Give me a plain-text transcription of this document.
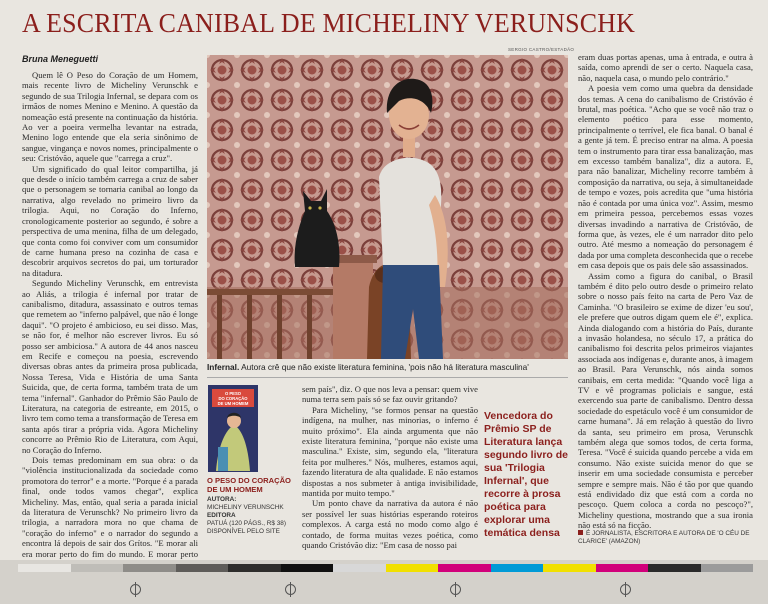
A ESCRITA CANIBAL DE MICHELINY VERUNSCHK
Bruna Meneguetti
SERGIO CASTRO/ESTADÃO

Quem lê O Peso do Coração de um Homem, mais recente livro de Micheliny Verunschk e segundo de sua Trilogia Infernal, se depara com os irmãos de nomes Menino e Menino. A questão da nomeação está presente na continuação da história. Ao ver a poeira vermelha levantar na estrada, Menino logo entende que ela seria sinônimo de sangue, vingança e novos nomes, principalmente o seu: Cristóvão, aquele que "carrega a cruz".

Um significado do qual leitor compartilha, já que desde o início também carrega a cruz de saber que o personagem se tornaria canibal ao longo da narrativa, algo revelado no primeiro livro da trilogia. Aqui, no Coração do Inferno, cronologicamente posterior ao segundo, é sobre a perspectiva de uma menina, filha de um delegado, que conta como foi conviver com um consumidor de carne humana preso na cozinha de casa e descobrir arquivos secretos do pai, um torturador na ditadura.

Segundo Micheliny Verunschk, em entrevista ao Aliás, a trilogia é infernal por tratar de canibalismo, ditadura, assassinato e outros temas que remetem ao "inferno palpável, que não é longe daqui". "O projeto é ambicioso, eu sei disso. Mas, se não for, é melhor não escrever livros. Eu só posso ser ambiciosa." A autora de 44 anos nasceu em Recife e começou na poesia, escrevendo diversas obras antes da primeira prosa publicada, Nossa Teresa, Vida e História de uma Santa Suicida, que, de certa forma, também trata de um tema "infernal". Ganhador do Prêmio São Paulo de Literatura, na categoria de estreante, em 2015, o livro tem como tema a transformação de Teresa em santa após tirar a própria vida. Agora Micheliny concorre ao Prêmio Rio de Literatura, com Aqui, no Coração do Inferno.

Dois temas predominam em sua obra: o da "violência institucionalizada da sociedade como promotora do terror" e a morte. "Porque é a parada final, onde todos vamos chegar", explica Micheliny. Mas, então, qual seria a parada inicial da literatura de Verunschk? No primeiro livro da trilogia, a narradora mora no que chama de "coração do inferno" e o narrador do segundo a encontra lá depois de sair dos Grítos. "E morar ali era morar perto do fim do mundo. E morar perto

Infernal. Autora crê que não existe literatura feminina, 'pois não há literatura masculina'
O PESO
DO CORAÇÃO
DE UM HOMEM
O PESO DO CORAÇÃO DE UM HOMEM
AUTORA:
MICHELINY VERUNSCHK
EDITORA
PATUÁ (120 PÁGS., R$ 38)
DISPONÍVEL PELO SITE

sem país", diz. O que nos leva a pensar: quem vive numa terra sem país só se faz ouvir gritando?

Para Micheliny, "se formos pensar na questão indígena, na mulher, nas minorias, o inferno é muito próximo". Ela ainda argumenta que não existe literatura feminina, "porque não existe uma masculina." Existe, sim, segundo ela, "literatura feita por mulheres." Nós, mulheres, estamos aqui, fazendo literatura de alta qualidade. E não estamos dispostas a nos submeter à antiga invisibilidade, mantida por muito tempo."

Um ponto chave da narrativa da autora é não ser possível ler suas histórias esperando roteiros complexos. A carga está no modo como algo é contado, de forma muitas vezes poética, como quando Cristóvão diz: "Em casa de nosso pai

Vencedora do Prêmio SP de Literatura lança segundo livro de sua 'Trilogia Infernal', que recorre à prosa poética para explorar uma temática densa

eram duas portas apenas, uma à entrada, e outra à saída, como aprendi de ser o certo. Naquela casa, não, naquela casa, o mundo pelo contrário."

A poesia vem como uma quebra da densidade dos temas. A cena do canibalismo de Cristóvão é brutal, mas poética. "Acho que se você não traz o elemento poético para esse momento, principalmente o terrível, ele fica banal. O banal é a gente já tem. É preciso entrar na alma. A poesia tem o instrumento para tirar essa banalização, mas em excesso também banaliza", diz a autora. E, para não banalizar, Micheliny recorre também à composição da narrativa, ou seja, à simultaneidade de tempo e vozes, pois acredita que "uma história não é contada por uma única voz". Assim, mesmo em primeira pessoa, percebemos essas vozes diversas invadindo a narrativa de Cristóvão, de forma que, às vezes, ele é um narrador dito pelo outro. Até mesmo a nomeação do personagem é dada por uma completa desconhecida que o recebe em casa depois que os pais dele são assassinados.

Assim como a figura do canibal, o Brasil também é dito pelo outro desde o primeiro relato sobre o nosso país feito na carta de Pero Vaz de Caminha. "O brasileiro se exime de dizer 'eu sou', ele prefere que outros digam quem ele é", explica. Ainda dialogando com a história do País, durante a invasão holandesa, no século 17, a prática do canibalismo foi descrita pelos primeiros viajantes associada aos indígenas e, durante anos, à imagem ao Brasil. Para Verunschk, nós ainda somos canibais, em certa medida: "Quando você liga a TV e vê programas policiais e sangue, está exercendo sua parte de canibalismo. Dentro dessa sociedade do espetáculo você é um consumidor de carne humana". Já em relação à questão do livro da santa, seu primeiro em prosa, Verunschk também alega que somos todos, de certa forma, Teresa. "Você é suicida quando percebe a vida em consumo. Não existe suicida menor do que se inserir em uma sociedade consumista e perceber sempre e sempre mais. Não é tão por que quando está endividado diz que está com a corda no pescoço. Quem coloca a corda no pescoço?", Micheliny questiona, mostrando que a sua ironia não está só na ficção.

É JORNALISTA, ESCRITORA E AUTORA DE 'O CÉU DE CLARICE' (AMAZON)
